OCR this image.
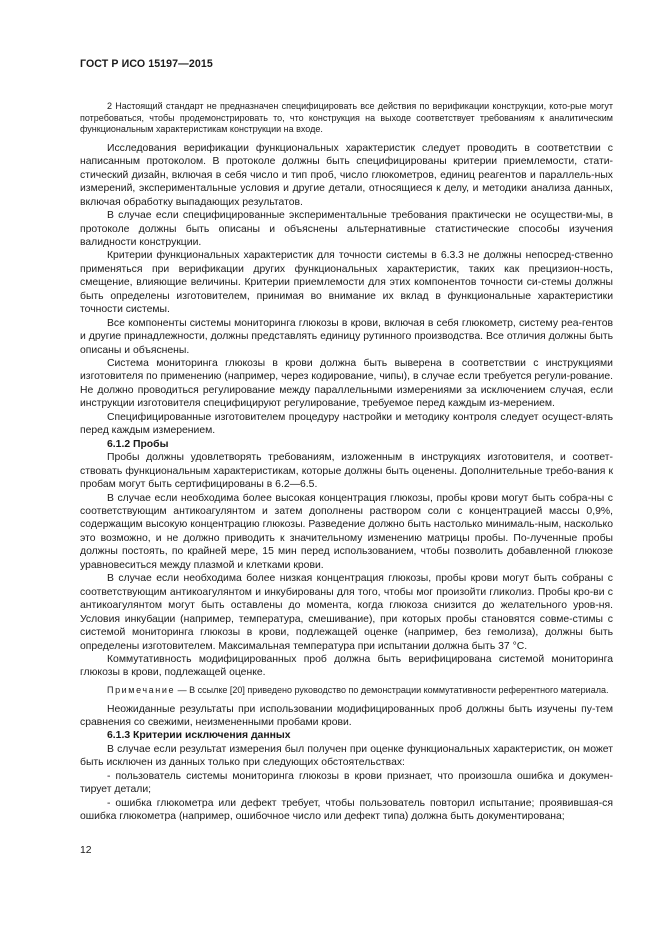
ГОСТ Р ИСО 15197—2015

2 Настоящий стандарт не предназначен специфицировать все действия по верификации конструкции, кото-рые могут потребоваться, чтобы продемонстрировать то, что конструкция на выходе соответствует требованиям к аналитическим функциональным характеристикам конструкции на входе.

Исследования верификации функциональных характеристик следует проводить в соответствии с написанным протоколом. В протоколе должны быть специфицированы критерии приемлемости, стати-стический дизайн, включая в себя число и тип проб, число глюкометров, единиц реагентов и параллель-ных измерений, экспериментальные условия и другие детали, относящиеся к делу, и методики анализа данных, включая обработку выпадающих результатов.

В случае если специфицированные экспериментальные требования практически не осуществи-мы, в протоколе должны быть описаны и объяснены альтернативные статистические способы изучения валидности конструкции.

Критерии функциональных характеристик для точности системы в 6.3.3 не должны непосред-ственно применяться при верификации других функциональных характеристик, таких как прецизион-ность, смещение, влияющие величины. Критерии приемлемости для этих компонентов точности си-стемы должны быть определены изготовителем, принимая во внимание их вклад в функциональные характеристики точности системы.

Все компоненты системы мониторинга глюкозы в крови, включая в себя глюкометр, систему реа-гентов и другие принадлежности, должны представлять единицу рутинного производства. Все отличия должны быть описаны и объяснены.

Система мониторинга глюкозы в крови должна быть выверена в соответствии с инструкциями изготовителя по применению (например, через кодирование, чипы), в случае если требуется регули-рование. Не должно проводиться регулирование между параллельными измерениями за исключением случая, если инструкции изготовителя специфицируют регулирование, требуемое перед каждым из-мерением.

Специфицированные изготовителем процедуру настройки и методику контроля следует осущест-влять перед каждым измерением.

6.1.2 Пробы

Пробы должны удовлетворять требованиям, изложенным в инструкциях изготовителя, и соответ-ствовать функциональным характеристикам, которые должны быть оценены. Дополнительные требо-вания к пробам могут быть сертифицированы в 6.2—6.5.

В случае если необходима более высокая концентрация глюкозы, пробы крови могут быть собра-ны с соответствующим антикоагулянтом и затем дополнены раствором соли с концентрацией массы 0,9%, содержащим высокую концентрацию глюкозы. Разведение должно быть настолько минималь-ным, насколько это возможно, и не должно приводить к значительному изменению матрицы пробы. По-лученные пробы должны постоять, по крайней мере, 15 мин перед использованием, чтобы позволить добавленной глюкозе уравновеситься между плазмой и клетками крови.

В случае если необходима более низкая концентрация глюкозы, пробы крови могут быть собраны с соответствующим антикоагулянтом и инкубированы для того, чтобы мог произойти гликолиз. Пробы кро-ви с антикоагулянтом могут быть оставлены до момента, когда глюкоза снизится до желательного уров-ня. Условия инкубации (например, температура, смешивание), при которых пробы становятся совме-стимы с системой мониторинга глюкозы в крови, подлежащей оценке (например, без гемолиза), должны быть определены изготовителем. Максимальная температура при испытании должна быть 37 °С.

Коммутативность модифицированных проб должна быть верифицирована системой мониторинга глюкозы в крови, подлежащей оценке.

Примечание — В ссылке [20] приведено руководство по демонстрации коммутативности референтного материала.

Неожиданные результаты при использовании модифицированных проб должны быть изучены пу-тем сравнения со свежими, неизмененными пробами крови.

6.1.3 Критерии исключения данных

В случае если результат измерения был получен при оценке функциональных характеристик, он может быть исключен из данных только при следующих обстоятельствах:

- пользователь системы мониторинга глюкозы в крови признает, что произошла ошибка и докумен-тирует детали;

- ошибка глюкометра или дефект требует, чтобы пользователь повторил испытание; проявившая-ся ошибка глюкометра (например, ошибочное число или дефект типа) должна быть документирована;

12
